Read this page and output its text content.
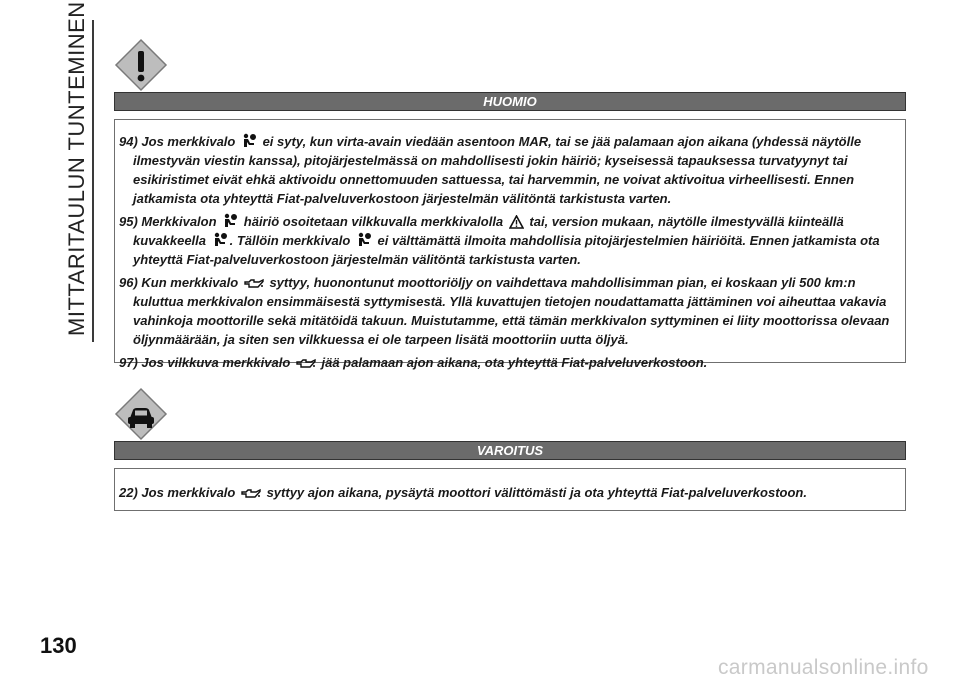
MITTARITAULUN TUNTEMINEN	HUOMIO

94) Jos merkkivalo  ei syty, kun virta-avain viedään asentoon MAR, tai se jää palamaan ajon aikana (yhdessä näytölle ilmestyvän viestin kanssa), pitojärjestelmässä on mahdollisesti jokin häiriö; kyseisessä tapauksessa turvatyynyt tai esikiristimet eivät ehkä aktivoidu onnettomuuden sattuessa, tai harvemmin, ne voivat aktivoitua virheellisesti. Ennen jatkamista ota yhteyttä Fiat-palveluverkostoon järjestelmän välitöntä tarkistusta varten.

95) Merkkivalon  häiriö osoitetaan vilkkuvalla merkkivalolla  tai, version mukaan, näytölle ilmestyvällä kiinteällä kuvakkeella . Tällöin merkkivalo  ei välttämättä ilmoita mahdollisia pitojärjestelmien häiriöitä. Ennen jatkamista ota yhteyttä Fiat-palveluverkostoon järjestelmän välitöntä tarkistusta varten.

96) Kun merkkivalo  syttyy, huonontunut moottoriöljy on vaihdettava mahdollisimman pian, ei koskaan yli 500 km:n kuluttua merkkivalon ensimmäisestä syttymisestä. Yllä kuvattujen tietojen noudattamatta jättäminen voi aiheuttaa vakavia vahinkoja moottorille sekä mitätöidä takuun. Muistutamme, että tämän merkkivalon syttyminen ei liity moottorissa olevaan öljynmäärään, ja siten sen vilkkuessa ei ole tarpeen lisätä moottoriin uutta öljyä.

97) Jos vilkkuva merkkivalo  jää palamaan ajon aikana, ota yhteyttä Fiat-palveluverkostoon.

VAROITUS

22) Jos merkkivalo  syttyy ajon aikana, pysäytä moottori välittömästi ja ota yhteyttä Fiat-palveluverkostoon.

130
carmanualsonline.info
